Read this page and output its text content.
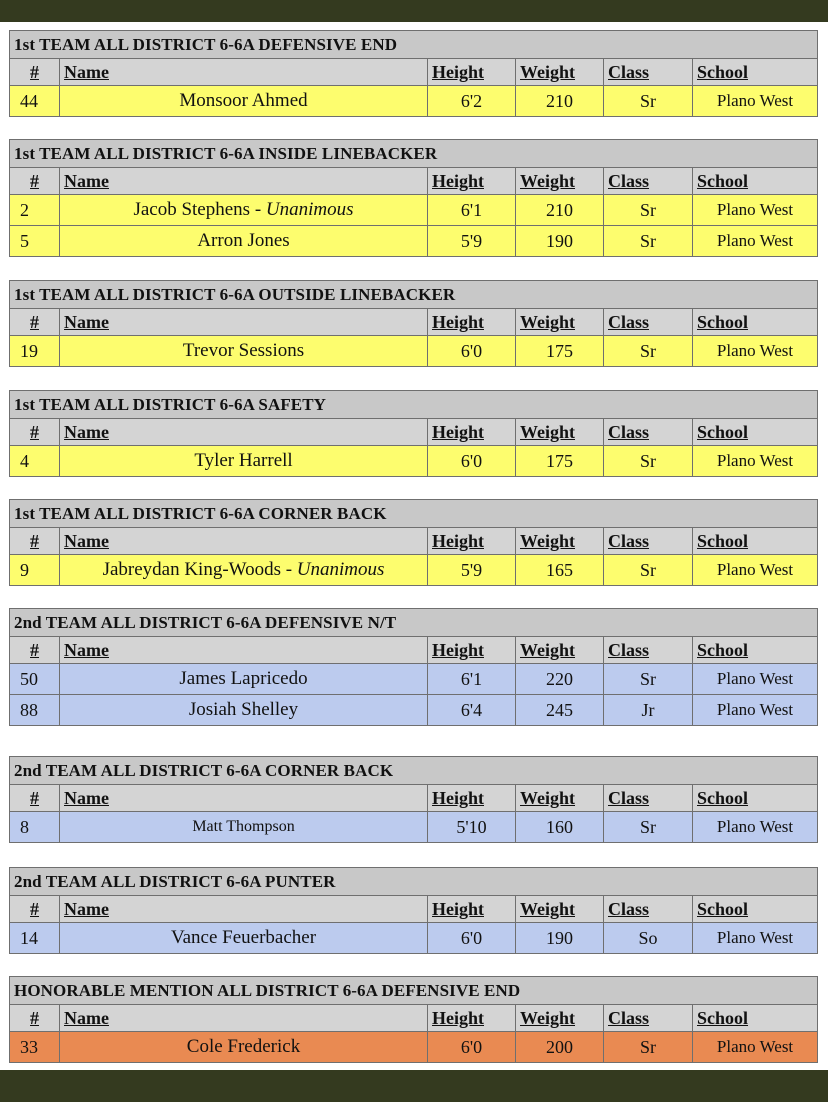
1st TEAM ALL DISTRICT 6-6A DEFENSIVE END					
#	Name	Height	Weight	Class	School
44	Monsoor Ahmed	6'2	210	Sr	Plano West
1st TEAM ALL DISTRICT 6-6A INSIDE LINEBACKER					
#	Name	Height	Weight	Class	School
2	Jacob Stephens - Unanimous	6'1	210	Sr	Plano West
5	Arron Jones	5'9	190	Sr	Plano West
1st TEAM ALL DISTRICT 6-6A OUTSIDE LINEBACKER					
#	Name	Height	Weight	Class	School
19	Trevor Sessions	6'0	175	Sr	Plano West
1st TEAM ALL DISTRICT 6-6A SAFETY					
#	Name	Height	Weight	Class	School
4	Tyler Harrell	6'0	175	Sr	Plano West
1st TEAM ALL DISTRICT 6-6A CORNER BACK					
#	Name	Height	Weight	Class	School
9	Jabreydan King-Woods - Unanimous	5'9	165	Sr	Plano West
2nd TEAM ALL DISTRICT 6-6A DEFENSIVE N/T					
#	Name	Height	Weight	Class	School
50	James Lapricedo	6'1	220	Sr	Plano West
88	Josiah Shelley	6'4	245	Jr	Plano West
2nd TEAM ALL DISTRICT 6-6A CORNER BACK					
#	Name	Height	Weight	Class	School
8	Matt Thompson	5'10	160	Sr	Plano West
2nd TEAM ALL DISTRICT 6-6A PUNTER					
#	Name	Height	Weight	Class	School
14	Vance Feuerbacher	6'0	190	So	Plano West
HONORABLE MENTION ALL DISTRICT 6-6A DEFENSIVE END					
#	Name	Height	Weight	Class	School
33	Cole Frederick	6'0	200	Sr	Plano West
